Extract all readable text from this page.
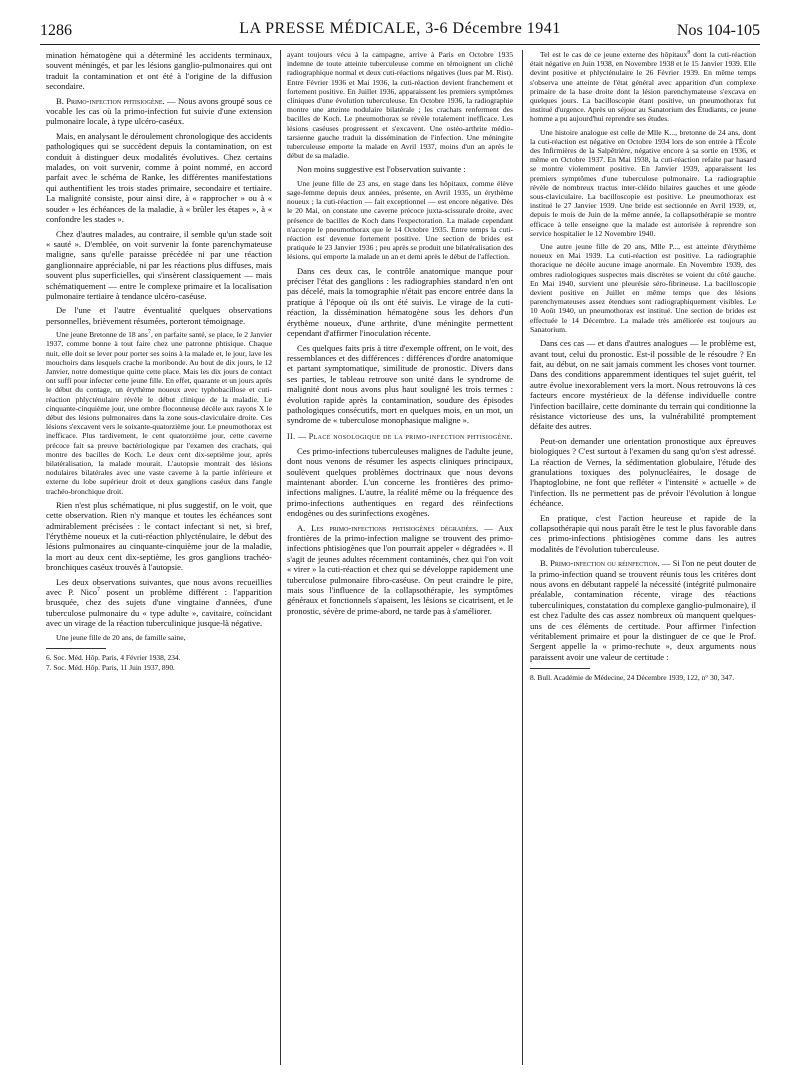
1286	LA PRESSE MÉDICALE, 3-6 Décembre 1941	Nos 104-105

mination hématogène qui a déterminé les accidents terminaux, souvent méningés, et par les lésions ganglio-pulmonaires qui ont traduit la contamination et ont été à l'origine de la diffusion secondaire.

B. Primo-infection phtisiogène. — Nous avons groupé sous ce vocable les cas où la primo-infection fut suivie d'une extension pulmonaire locale, à type ulcéro-caséux.

Mais, en analysant le déroulement chronologique des accidents pathologiques qui se succèdent depuis la contamination, on est conduit à distinguer deux modalités évolutives. Chez certains malades, on voit survenir, comme à point nommé, en accord parfait avec le schéma de Ranke, les différentes manifestations qui authentifient les trois stades primaire, secondaire et tertiaire. La malignité consiste, pour ainsi dire, à « rapprocher » ou à « souder » les échéances de la maladie, à « brûler les étapes », à « confondre les stades ».

Chez d'autres malades, au contraire, il semble qu'un stade soit « sauté ». D'emblée, on voit survenir la fonte parenchymateuse maligne, sans qu'elle paraisse précédée ni par une réaction ganglionnaire appréciable, ni par les réactions plus diffuses, mais souvent plus superficielles, qui s'insèrent classiquement — mais schématiquement — entre le complexe primaire et la localisation pulmonaire tertiaire à tendance ulcéro-caséuse.

De l'une et l'autre éventualité quelques observations personnelles, brièvement résumées, porteront témoignage.

Une jeune Bretonne de 18 ans$^7$, en parfaite santé, se place, le 2 Janvier 1937, comme bonne à tout faire chez une patronne phtisique. Chaque nuit, elle doit se lever pour porter ses soins à la malade et, le jour, lave les mouchoirs dans lesquels crache la moribonde. Au bout de dix jours, le 12 Janvier, notre domestique quitte cette place. Mais les dix jours de contact ont suffi pour infecter cette jeune fille. En effet, quarante et un jours après le début du contage, un érythème noueux avec typhobacillose et cuti-réaction phlycténulaire révèle le début clinique de la maladie. Le cinquante-cinquième jour, une ombre floconneuse décèle aux rayons X le début des lésions pulmonaires dans la zone sous-claviculaire droite. Ces lésions s'excavent vers le soixante-quatorzième jour. Le pneumothorax est inefficace. Plus tardivement, le cent quatorzième jour, cette caverne précoce fait sa preuve bactériologique par l'examen des crachats, qui montre des bacilles de Koch. Le deux cent dix-septième jour, après bilatéralisation, la malade mourait. L'autopsie montrait des lésions nodulaires bilatérales avec une vaste caverne à la partie inférieure et externe du lobe supérieur droit et deux ganglions caséux dans l'angle trachéo-bronchique droit.

Rien n'est plus schématique, ni plus suggestif, on le voit, que cette observation. Rien n'y manque et toutes les échéances sont admirablement précisées : le contact infectant si net, si bref, l'érythème noueux et la cuti-réaction phlycténulaire, le début des lésions pulmonaires au cinquante-cinquième jour de la maladie, la mort au deux cent dix-septième, les gros ganglions trachéo-bronchiques caséux trouvés à l'autopsie.

Les deux observations suivantes, que nous avons recueillies avec P. Nico$^7$ posent un problème différent : l'apparition brusquée, chez des sujets d'une vingtaine d'années, d'une tuberculose pulmonaire du « type adulte », cavitaire, coïncidant avec un virage de la réaction tuberculinique jusque-là négative.

Une jeune fille de 20 ans, de famille saine,

6. Soc. Méd. Hôp. Paris, 4 Février 1938, 234.

7. Soc. Méd. Hôp. Paris, 11 Juin 1937, 890.

ayant toujours vécu à la campagne, arrive à Paris en Octobre 1935 indemne de toute atteinte tuberculeuse comme en témoignent un cliché radiographique normal et deux cuti-réactions négatives (lues par M. Rist). Entre Février 1936 et Mai 1936, la cuti-réaction devient franchement et fortement positive. En Juillet 1936, apparaissent les premiers symptômes cliniques d'une évolution tuberculeuse. En Octobre 1936, la radiographie montre une atteinte nodulaire bilatérale ; les crachats renferment des bacilles de Koch. Le pneumothorax se révèle totalement inefficace. Les lésions caséuses progressent et s'excavent. Une ostéo-arthrite médio-tarsienne gauche traduit la dissémination de l'infection. Une méningite tuberculeuse emporte la malade en Avril 1937, moins d'un an après le début de sa maladie.

Non moins suggestive est l'observation suivante :

Une jeune fille de 23 ans, en stage dans les hôpitaux, comme élève sage-femme depuis deux années, présente, en Avril 1935, un érythème noueux ; la cuti-réaction — fait exceptionnel — est encore négative. Dès le 20 Mai, on constate une caverne précoce juxta-scissurale droite, avec présence de bacilles de Koch dans l'expectoration. La malade cependant n'accepte le pneumothorax que le 14 Octobre 1935. Entre temps la cuti-réaction est devenue fortement positive. Une section de brides est pratiquée le 23 Janvier 1936 ; peu après se produit une bilatéralisation des lésions, qui emporte la malade un an et demi après le début de l'affection.

Dans ces deux cas, le contrôle anatomique manque pour préciser l'état des ganglions : les radiographies standard n'en ont pas décelé, mais la tomographie n'était pas encore entrée dans la pratique à l'époque où ils ont été suivis. Le virage de la cuti-réaction, la dissémination hématogène sous les dehors d'un érythème noueux, d'une arthrite, d'une méningite permettent cependant d'affirmer l'inoculation récente.

Ces quelques faits pris à titre d'exemple offrent, on le voit, des ressemblances et des différences : différences d'ordre anatomique et partant symptomatique, similitude de pronostic. Divers dans ses parties, le tableau retrouve son unité dans le syndrome de malignité dont nous avons plus haut souligné les trois termes : évolution rapide après la contamination, soudure des épisodes pathologiques consécutifs, mort en quelques mois, en un mot, un syndrome de « tuberculose monophasique maligne ».

II. — Place nosologique de la primo-infection phtisiogène.

Ces primo-infections tuberculeuses malignes de l'adulte jeune, dont nous venons de résumer les aspects cliniques principaux, soulèvent quelques problèmes doctrinaux que nous devons maintenant aborder. L'un concerne les frontières des primo-infections malignes. L'autre, la réalité même ou la fréquence des primo-infections authentiques en regard des réinfections endogènes ou des surinfections exogènes.

A. Les primo-infections phtisiogènes dégradées. — Aux frontières de la primo-infection maligne se trouvent des primo-infections phtisiogènes que l'on pourrait appeler « dégradées ». Il s'agit de jeunes adultes récemment contaminés, chez qui l'on voit « virer » la cuti-réaction et chez qui se développe rapidement une tuberculose pulmonaire fibro-caséuse. On peut craindre le pire, mais sous l'influence de la collapsothérapie, les symptômes généraux et fonctionnels s'apaisent, les lésions se cicatrisent, et le pronostic, sévère de prime-abord, ne tarde pas à s'améliorer.

Tel est le cas de ce jeune externe des hôpitaux$^8$ dont la cuti-réaction était négative en Juin 1938, en Novembre 1938 et le 15 Janvier 1939. Elle devint positive et phlycténulaire le 26 Février 1939. En même temps s'observa une atteinte de l'état général avec apparition d'un complexe primaire de la base droite dont la lésion parenchymateuse s'excava en quelques jours. La bacilloscopie étant positive, un pneumothorax fut institué d'urgence. Après un séjour au Sanatorium des Étudiants, ce jeune homme a pu aujourd'hui reprendre ses études.

Une histoire analogue est celle de Mlle K..., bretonne de 24 ans, dont la cuti-réaction est négative en Octobre 1934 lors de son entrée à l'École des Infirmières de la Salpêtrière, négative encore à sa sortie en 1936, et même en Octobre 1937. En Mai 1938, la cuti-réaction refaite par hasard se montre violemment positive. En Janvier 1939, apparaissent les premiers symptômes d'une tuberculose pulmonaire. La radiographie révèle de nombreux tractus inter-cléido hilaires gauches et une géode sous-claviculaire. La bacilloscopie est positive. Le pneumothorax est institué le 27 Janvier 1939. Une bride est sectionnée en Avril 1939, et, depuis le mois de Juin de la même année, la collapsothérapie se montre efficace à telle enseigne que la malade est autorisée à reprendre son service hospitalier le 12 Novembre 1940.

Une autre jeune fille de 20 ans, Mlle P..., est atteinte d'érythème noueux en Mai 1939. La cuti-réaction est positive. La radiographie thoracique ne décèle aucune image anormale. En Novembre 1939, des ombres radiologiques suspectes mais discrètes se voient du côté gauche. En Mai 1940, survient une pleurésie séro-fibrineuse. La bacilloscopie devient positive en Juillet en même temps que des lésions parenchymateuses assez étendues sont radiographiquement visibles. Le 10 Août 1940, un pneumothorax est institué. Une section de brides est effectuée le 14 Décembre. La malade très améliorée est toujours au Sanatorium.

Dans ces cas — et dans d'autres analogues — le problème est, avant tout, celui du pronostic. Est-il possible de le résoudre ? En fait, au début, on ne sait jamais comment les choses vont tourner. Dans des conditions apparemment identiques tel sujet guérit, tel autre évolue inexorablement vers la mort. Nous retrouvons là ces facteurs encore mystérieux de la défense individuelle contre l'infection bacillaire, cette dominante du terrain qui conditionne la résistance victorieuse des uns, la vulnérabilité promptement défaite des autres.

Peut-on demander une orientation pronostique aux épreuves biologiques ? C'est surtout à l'examen du sang qu'on s'est adressé. La réaction de Vernes, la sédimentation globulaire, l'étude des granulations toxiques des polynucléaires, le dosage de l'haptoglobine, ne font que refléter « l'intensité » actuelle » de l'infection. Ils ne permettent pas de prévoir l'évolution à longue échéance.

En pratique, c'est l'action heureuse et rapide de la collapsothérapie qui nous paraît être le test le plus favorable dans ces primo-infections phtisiogènes comme dans les autres modalités de l'évolution tuberculeuse.

B. Primo-infection ou réinfection. — Si l'on ne peut douter de la primo-infection quand se trouvent réunis tous les critères dont nous avons en débutant rappelé la nécessité (intégrité pulmonaire préalable, contamination récente, virage des réactions tuberculiniques, constatation du complexe ganglio-pulmonaire), il est chez l'adulte des cas assez nombreux où manquent quelques-uns de ces éléments de certitude. Pour affirmer l'infection véritablement primaire et pour la distinguer de ce que le Prof. Sergent appelle la « primo-rechute », deux arguments nous paraissent avoir une valeur de certitude :

8. Bull. Académie de Médecine, 24 Décembre 1939, 122, n° 30, 347.
